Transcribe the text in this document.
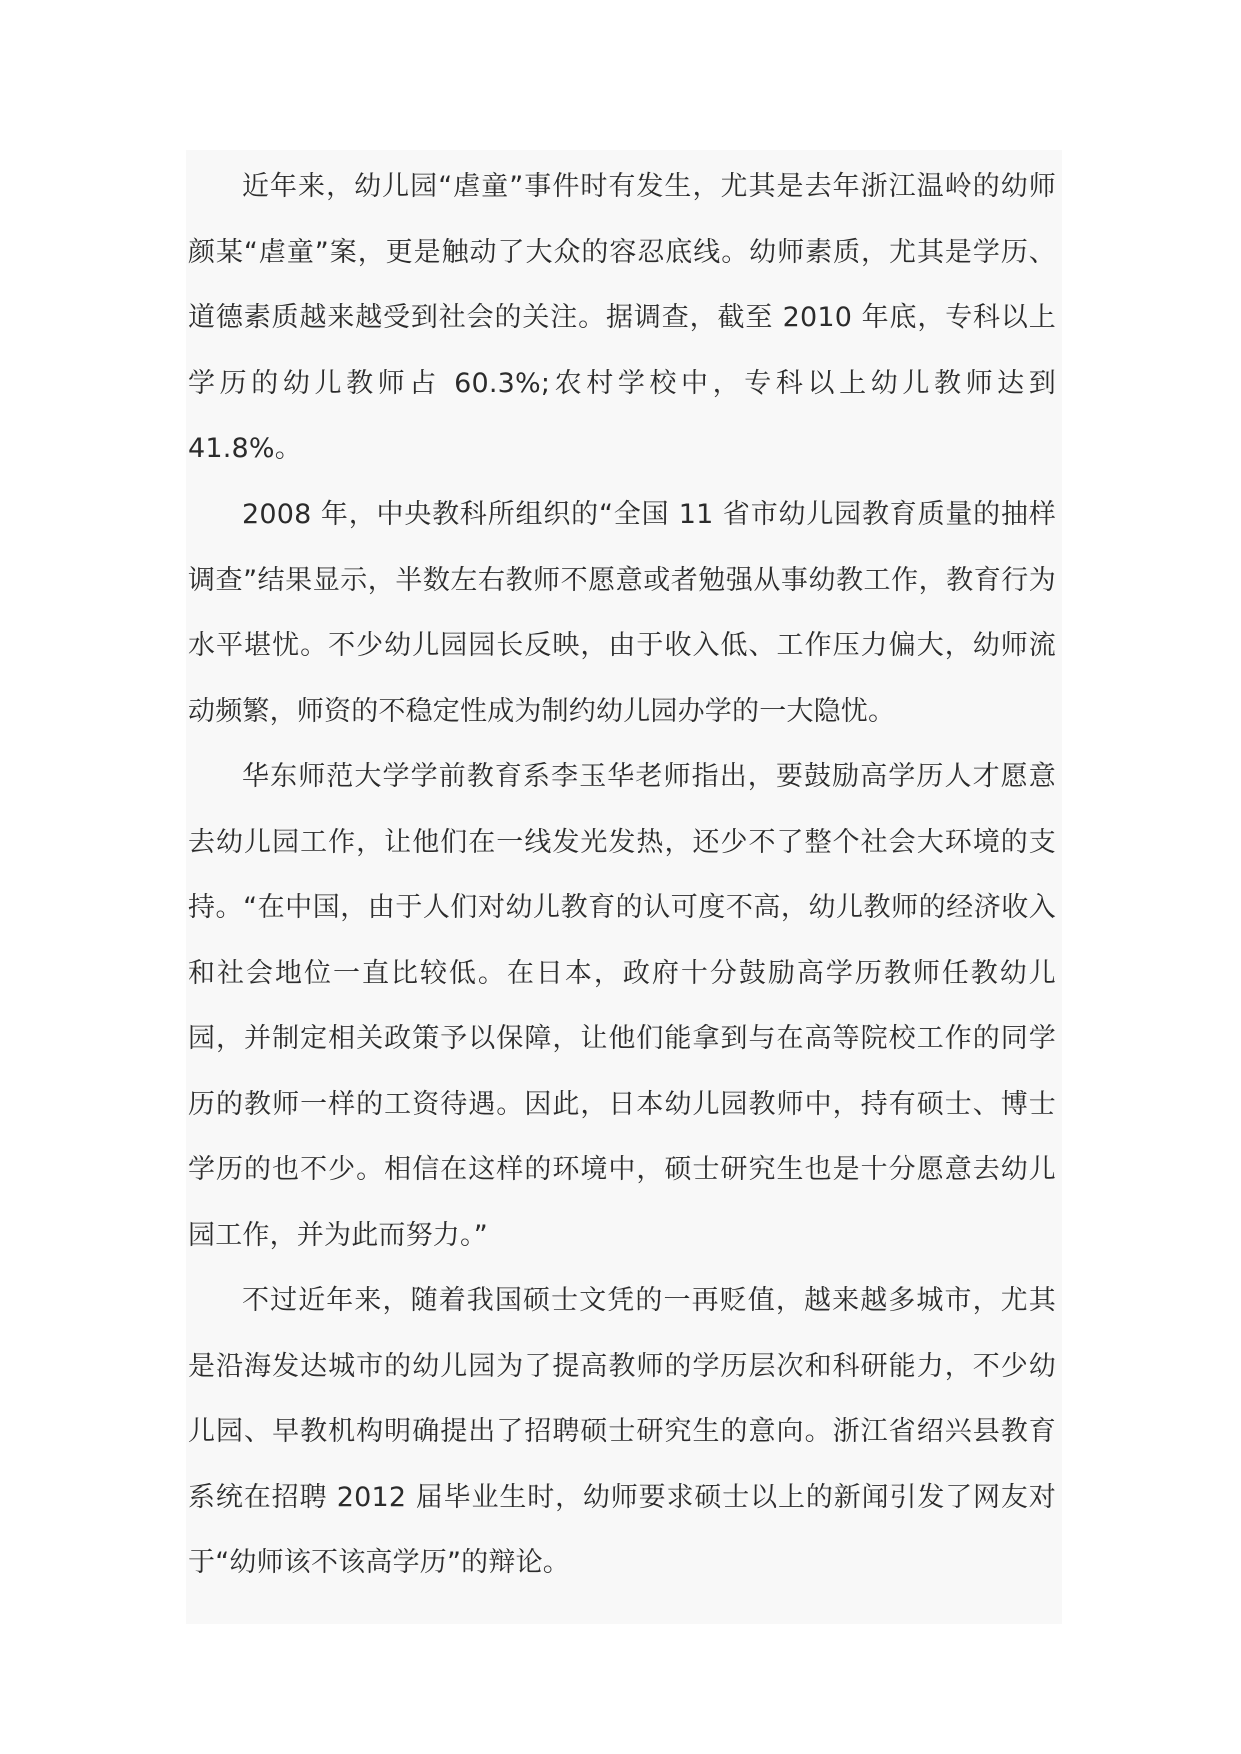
近年来，幼儿园“虐童”事件时有发生，尤其是去年浙江温岭的幼师颜某“虐童”案，更是触动了大众的容忍底线。幼师素质，尤其是学历、道德素质越来越受到社会的关注。据调查，截至 2010 年底，专科以上学历的幼儿教师占 60.3%;农村学校中，专科以上幼儿教师达到 41.8%。

2008 年，中央教科所组织的“全国 11 省市幼儿园教育质量的抽样调查”结果显示，半数左右教师不愿意或者勉强从事幼教工作，教育行为水平堪忧。不少幼儿园园长反映，由于收入低、工作压力偏大，幼师流动频繁，师资的不稳定性成为制约幼儿园办学的一大隐忧。

华东师范大学学前教育系李玉华老师指出，要鼓励高学历人才愿意去幼儿园工作，让他们在一线发光发热，还少不了整个社会大环境的支持。“在中国，由于人们对幼儿教育的认可度不高，幼儿教师的经济收入和社会地位一直比较低。在日本，政府十分鼓励高学历教师任教幼儿园，并制定相关政策予以保障，让他们能拿到与在高等院校工作的同学历的教师一样的工资待遇。因此，日本幼儿园教师中，持有硕士、博士学历的也不少。相信在这样的环境中，硕士研究生也是十分愿意去幼儿园工作，并为此而努力。”

不过近年来，随着我国硕士文凭的一再贬值，越来越多城市，尤其是沿海发达城市的幼儿园为了提高教师的学历层次和科研能力，不少幼儿园、早教机构明确提出了招聘硕士研究生的意向。浙江省绍兴县教育系统在招聘 2012 届毕业生时，幼师要求硕士以上的新闻引发了网友对于“幼师该不该高学历”的辩论。
